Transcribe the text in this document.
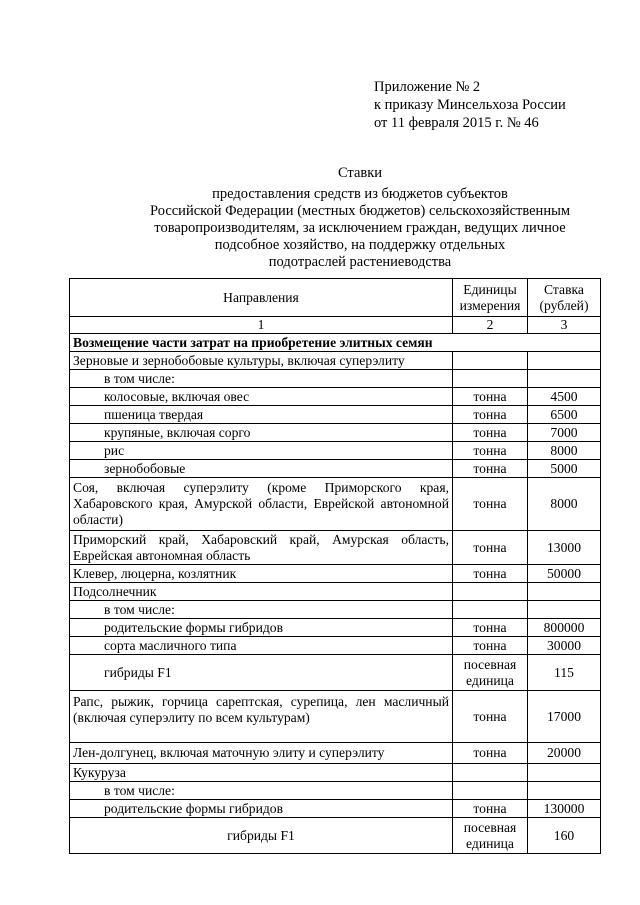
Приложение № 2
к приказу Минсельхоза России
от 11 февраля 2015 г. № 46
Ставки
предоставления средств из бюджетов субъектов
Российской Федерации (местных бюджетов) сельскохозяйственным
товаропроизводителям, за исключением граждан, ведущих личное
подсобное хозяйство, на поддержку отдельных
подотраслей растениеводства
Направления	Единицы измерения	Ставка (рублей)
1	2	3
Возмещение части затрат на приобретение элитных семян		
Зерновые и зернобобовые культуры, включая суперэлиту		
в том числе:		
колосовые, включая овес	тонна	4500
пшеница твердая	тонна	6500
крупяные, включая сорго	тонна	7000
рис	тонна	8000
зернобобовые	тонна	5000
Соя, включая суперэлиту (кроме Приморского края, Хабаровского края, Амурской области, Еврейской автономной области)	тонна	8000
Приморский край, Хабаровский край, Амурская область, Еврейская автономная область	тонна	13000
Клевер, люцерна, козлятник	тонна	50000
Подсолнечник		
в том числе:		
родительские формы гибридов	тонна	800000
сорта масличного типа	тонна	30000
гибриды F1	посевная единица	115
Рапс, рыжик, горчица сарептская, сурепица, лен масличный (включая суперэлиту по всем культурам)	тонна	17000
Лен-долгунец, включая маточную элиту и суперэлиту	тонна	20000
Кукуруза		
в том числе:		
родительские формы гибридов	тонна	130000
гибриды F1	посевная единица	160
